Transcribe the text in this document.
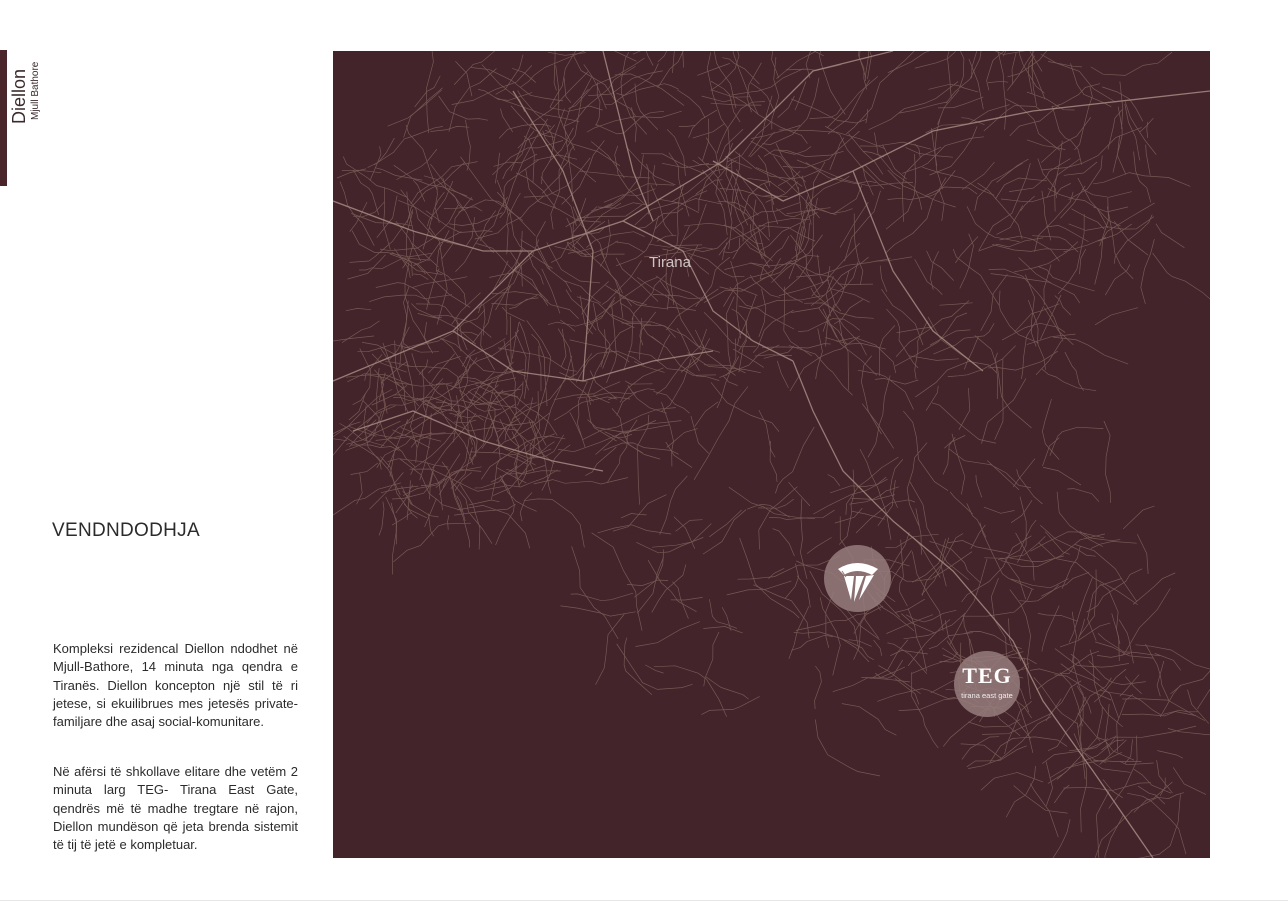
Diellon Mjull Bathore
VENDNDODHJA

Kompleksi rezidencal Diellon ndodhet në Mjull-Bathore, 14 minuta nga qendra e Tiranës. Diellon koncepton një stil të ri jetese, si ekuilibrues mes jetesës private-familjare dhe asaj social-komunitare.

Në afërsi të shkollave elitare dhe vetëm 2 minuta larg TEG- Tirana East Gate, qendrës më të madhe tregtare në rajon, Diellon mundëson që jeta brenda sistemit të tij të jetë e kompletuar.

Tirana
TEG
tirana east gate
